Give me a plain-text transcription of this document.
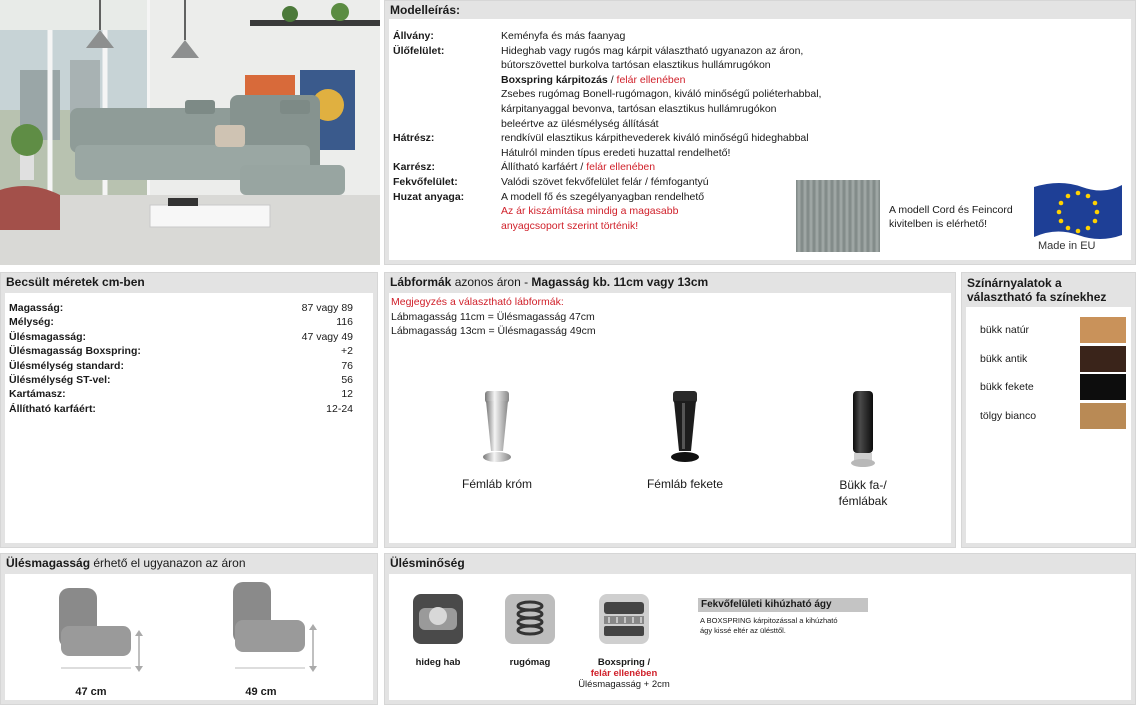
Modelleírás:
Állvány:	Keményfa és más faanyag
Ülőfelület:	Hideghab vagy rugós mag kárpit választható ugyanazon az áron,
bútorszövettel burkolva tartósan elasztikus hullámrugókon
Boxspring kárpitozás / felár ellenében
Zsebes rugómag Bonell-rugómagon, kiváló minőségű poliéterhabbal,
kárpitanyaggal bevonva, tartósan elasztikus hullámrugókon
beleértve az ülésmélység állítását
Hátrész:	rendkívül elasztikus kárpithevederek kiváló minőségű hideghabbal
Hátulról minden típus eredeti huzattal rendelhető!
Karrész:	Állítható karfáért / felár ellenében
Fekvőfelület:	Valódi szövet fekvőfelület felár / fémfogantyú
Huzat anyaga:	A modell fő és szegélyanyagban rendelhető
Az ár kiszámítása mindig a magasabb
anyagcsoport szerint történik!
A modell Cord és Feincord
kivitelben is elérhető!
Made in EU
Becsült méretek cm-ben
Magasság:	87 vagy 89
Mélység:	116
Ülésmagasság:	47 vagy 49
Ülésmagasság Boxspring:	+2
Ülésmélység standard:	76
Ülésmélység ST-vel:	56
Kartámasz:	12
Állítható karfáért:	12-24
Lábformák azonos áron - Magasság kb. 11cm vagy 13cm
Megjegyzés a választható lábformák:
Lábmagasság 11cm = Ülésmagasság 47cm
Lábmagasság 13cm = Ülésmagasság 49cm
Fémláb króm	Fémláb fekete	Bükk fa-/
fémlábak
Színárnyalatok a
választható fa színekhez
bükk natúr
bükk antik
bükk fekete
tölgy bianco
Ülésmagasság érhető el ugyanazon az áron
47 cm	49 cm
Ülésminőség
hideg hab	rugómag	Boxspring /
felár ellenében
Ülésmagasság + 2cm
Fekvőfelületi kihúzható ágy
A BOXSPRING kárpitozással a kihúzható
ágy kissé eltér az ülésttől.
